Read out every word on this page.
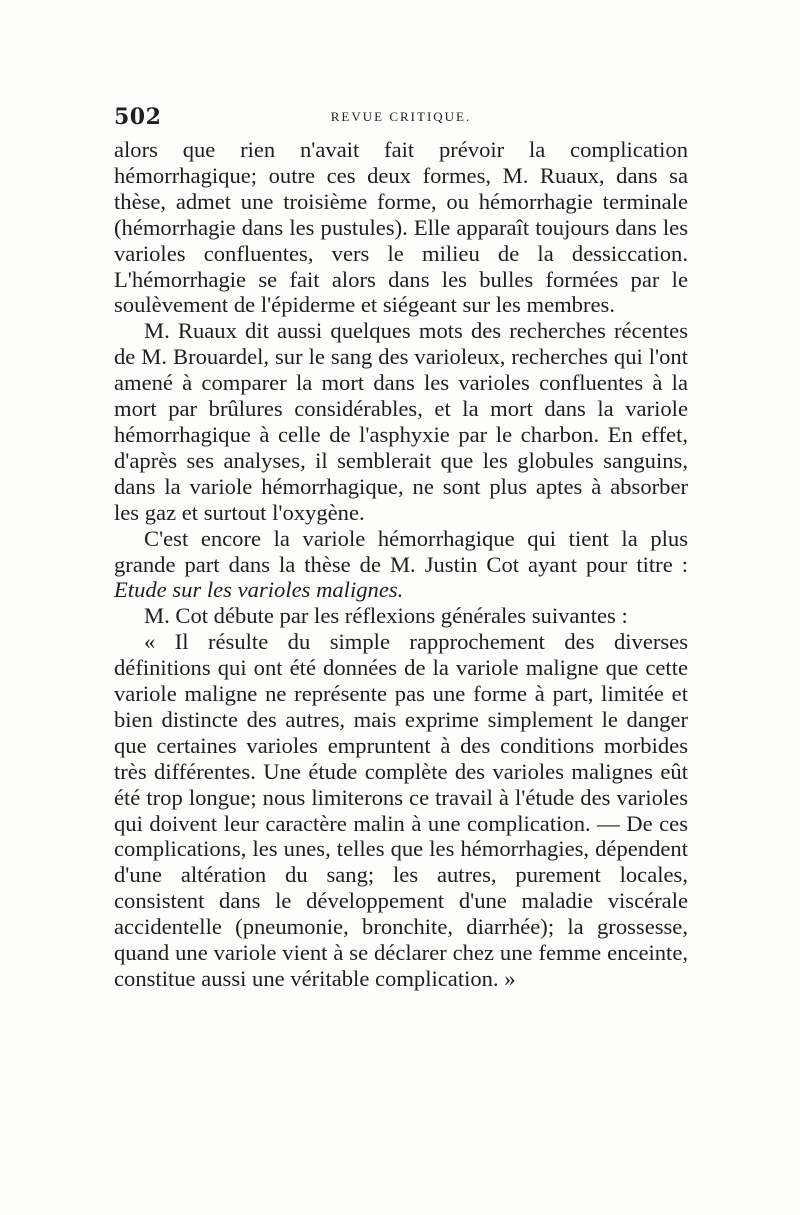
502	REVUE CRITIQUE.

alors que rien n'avait fait prévoir la complication hémorrhagique; outre ces deux formes, M. Ruaux, dans sa thèse, admet une troisième forme, ou hémorrhagie terminale (hémorrhagie dans les pustules). Elle apparaît toujours dans les varioles confluentes, vers le milieu de la dessiccation. L'hémorrhagie se fait alors dans les bulles formées par le soulèvement de l'épiderme et siégeant sur les membres.

M. Ruaux dit aussi quelques mots des recherches récentes de M. Brouardel, sur le sang des varioleux, recherches qui l'ont amené à comparer la mort dans les varioles confluentes à la mort par brûlures considérables, et la mort dans la variole hémorrhagique à celle de l'asphyxie par le charbon. En effet, d'après ses analyses, il semblerait que les globules sanguins, dans la variole hémorrhagique, ne sont plus aptes à absorber les gaz et surtout l'oxygène.

C'est encore la variole hémorrhagique qui tient la plus grande part dans la thèse de M. Justin Cot ayant pour titre : Etude sur les varioles malignes.

M. Cot débute par les réflexions générales suivantes :

« Il résulte du simple rapprochement des diverses définitions qui ont été données de la variole maligne que cette variole maligne ne représente pas une forme à part, limitée et bien distincte des autres, mais exprime simplement le danger que certaines varioles empruntent à des conditions morbides très différentes. Une étude complète des varioles malignes eût été trop longue; nous limiterons ce travail à l'étude des varioles qui doivent leur caractère malin à une complication. — De ces complications, les unes, telles que les hémorrhagies, dépendent d'une altération du sang; les autres, purement locales, consistent dans le développement d'une maladie viscérale accidentelle (pneumonie, bronchite, diarrhée); la grossesse, quand une variole vient à se déclarer chez une femme enceinte, constitue aussi une véritable complication. »
